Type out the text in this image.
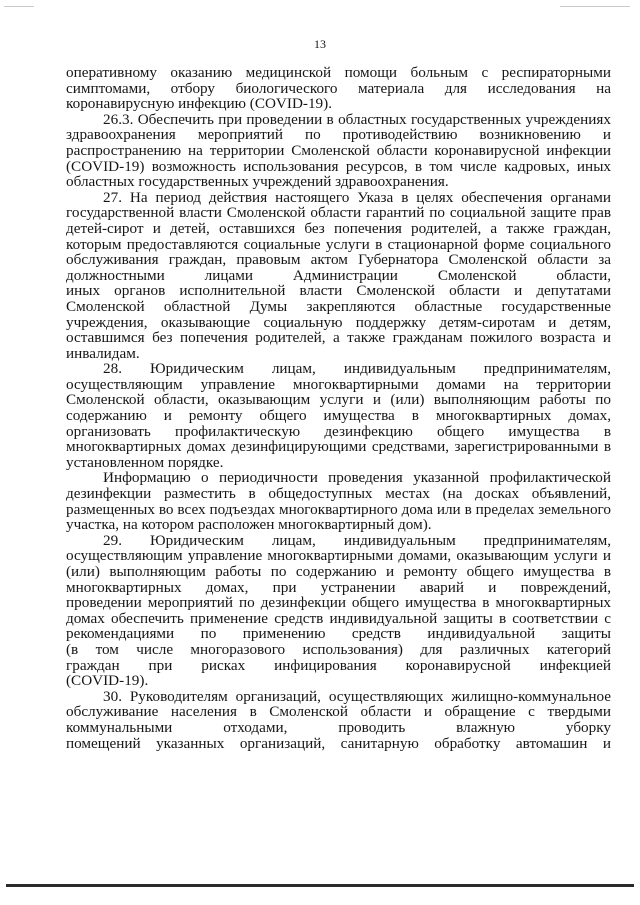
13
оперативному оказанию медицинской помощи больным с респираторными
симптомами, отбору биологического материала для исследования на
коронавирусную инфекцию (COVID-19).
26.3. Обеспечить при проведении в областных государственных учреждениях
здравоохранения мероприятий по противодействию возникновению и
распространению на территории Смоленской области коронавирусной инфекции
(COVID-19) возможность использования ресурсов, в том числе кадровых, иных
областных государственных учреждений здравоохранения.
27. На период действия настоящего Указа в целях обеспечения органами
государственной власти Смоленской области гарантий по социальной защите прав
детей-сирот и детей, оставшихся без попечения родителей, а также граждан,
которым предоставляются социальные услуги в стационарной форме социального
обслуживания граждан, правовым актом Губернатора Смоленской области за
должностными лицами Администрации Смоленской области,
иных органов исполнительной власти Смоленской области и депутатами
Смоленской областной Думы закрепляются областные государственные
учреждения, оказывающие социальную поддержку детям-сиротам и детям,
оставшимся без попечения родителей, а также гражданам пожилого возраста и
инвалидам.
28. Юридическим лицам, индивидуальным предпринимателям,
осуществляющим управление многоквартирными домами на территории
Смоленской области, оказывающим услуги и (или) выполняющим работы по
содержанию и ремонту общего имущества в многоквартирных домах,
организовать профилактическую дезинфекцию общего имущества в
многоквартирных домах дезинфицирующими средствами, зарегистрированными в
установленном порядке.
Информацию о периодичности проведения указанной профилактической
дезинфекции разместить в общедоступных местах (на досках объявлений,
размещенных во всех подъездах многоквартирного дома или в пределах земельного
участка, на котором расположен многоквартирный дом).
29. Юридическим лицам, индивидуальным предпринимателям,
осуществляющим управление многоквартирными домами, оказывающим услуги и
(или) выполняющим работы по содержанию и ремонту общего имущества в
многоквартирных домах, при устранении аварий и повреждений,
проведении мероприятий по дезинфекции общего имущества в многоквартирных
домах обеспечить применение средств индивидуальной защиты в соответствии с
рекомендациями по применению средств индивидуальной защиты
(в том числе многоразового использования) для различных категорий
граждан при рисках инфицирования коронавирусной инфекцией
(COVID-19).
30. Руководителям организаций, осуществляющих жилищно-коммунальное
обслуживание населения в Смоленской области и обращение с твердыми
коммунальными отходами, проводить влажную уборку
помещений указанных организаций, санитарную обработку автомашин и
